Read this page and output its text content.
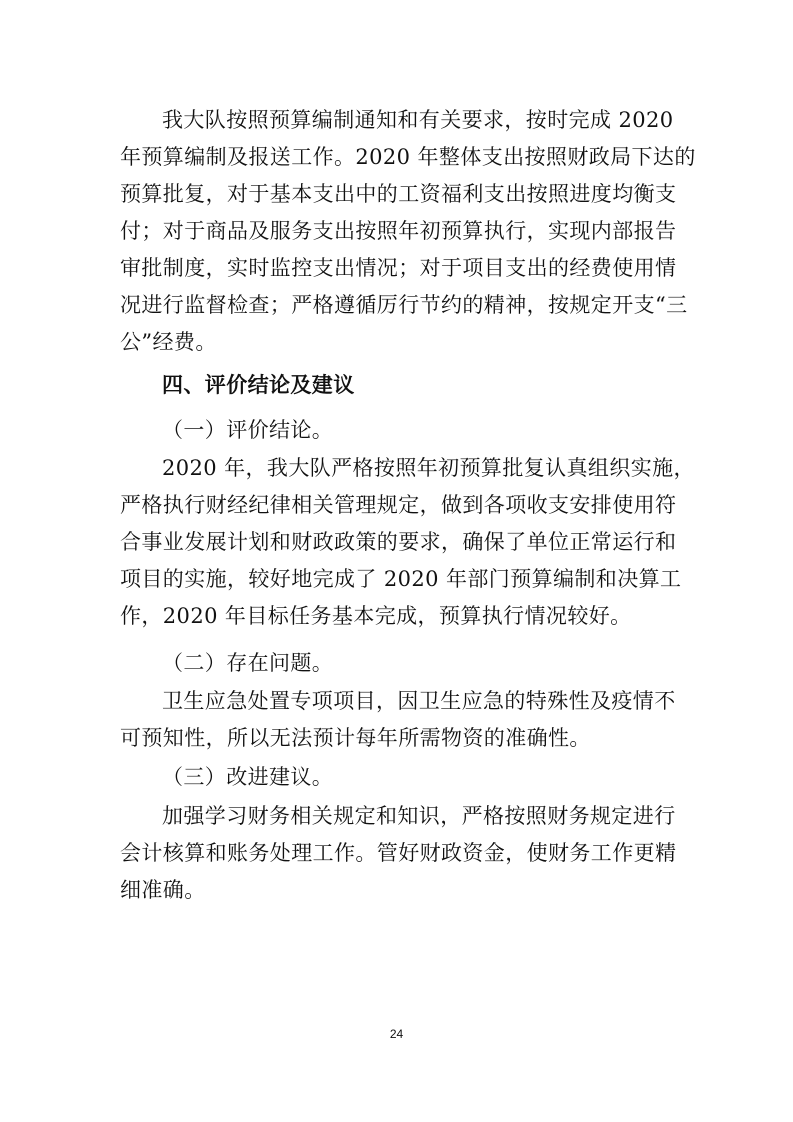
我大队按照预算编制通知和有关要求，按时完成 2020
年预算编制及报送工作。2020 年整体支出按照财政局下达的
预算批复，对于基本支出中的工资福利支出按照进度均衡支
付；对于商品及服务支出按照年初预算执行，实现内部报告
审批制度，实时监控支出情况；对于项目支出的经费使用情
况进行监督检查；严格遵循厉行节约的精神，按规定开支“三
公”经费。
四、评价结论及建议
（一）评价结论。
2020 年，我大队严格按照年初预算批复认真组织实施，
严格执行财经纪律相关管理规定，做到各项收支安排使用符
合事业发展计划和财政政策的要求，确保了单位正常运行和
项目的实施，较好地完成了 2020 年部门预算编制和决算工
作，2020 年目标任务基本完成，预算执行情况较好。
（二）存在问题。
卫生应急处置专项项目，因卫生应急的特殊性及疫情不
可预知性，所以无法预计每年所需物资的准确性。
（三）改进建议。
加强学习财务相关规定和知识，严格按照财务规定进行
会计核算和账务处理工作。管好财政资金，使财务工作更精
细准确。
24
